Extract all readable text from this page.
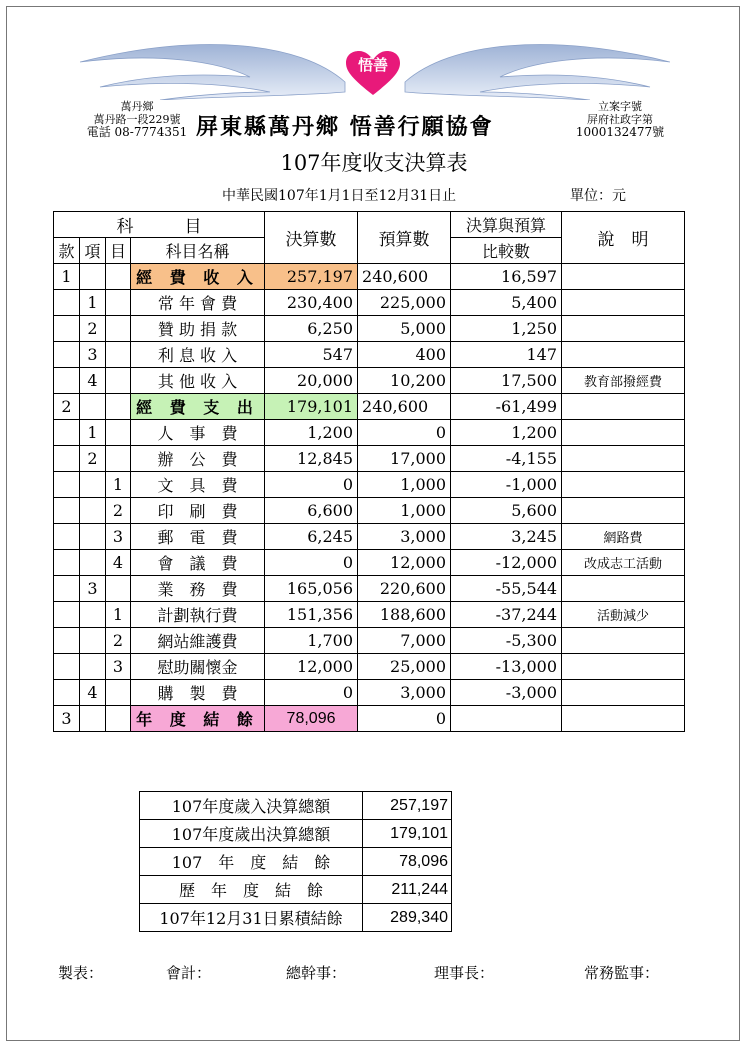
悟善
萬丹鄉
萬丹路一段229號
電話 08-7774351 屏東縣萬丹鄉 悟善行願協會
立案字號
屏府社政字第
1000132477號
107年度收支決算表
中華民國107年1月1日至12月31日止	單位：元
科　　　目				決算數	預算數	決算與預算	說　明
款	項	目	科目名稱			比較數	
1			經 費 收 入	257,197	240,600	16,597	
	1		常 年 會 費	230,400	225,000	5,400	
	2		贊 助 捐 款	6,250	5,000	1,250	
	3		利 息 收 入	547	400	147	
	4		其 他 收 入	20,000	10,200	17,500	教育部撥經費
2			經 費 支 出	179,101	240,600	-61,499	
	1		人　事　費	1,200	0	1,200	
	2		辦　公　費	12,845	17,000	-4,155	
		1	文　具　費	0	1,000	-1,000	
		2	印　刷　費	6,600	1,000	5,600	
		3	郵　電　費	6,245	3,000	3,245	網路費
		4	會　議　費	0	12,000	-12,000	改成志工活動
	3		業　務　費	165,056	220,600	-55,544	
		1	計劃執行費	151,356	188,600	-37,244	活動減少
		2	網站維護費	1,700	7,000	-5,300	
		3	慰助關懷金	12,000	25,000	-13,000	
	4		購　製　費	0	3,000	-3,000	
3			年 度 結 餘	78,096	0		
107年度歲入決算總額	257,197
107年度歲出決算總額	179,101
107　年　度　結　餘	78,096
歷　年　度　結　餘	211,244
107年12月31日累積結餘	289,340
製表：	會計：	總幹事：	理事長：	常務監事：
